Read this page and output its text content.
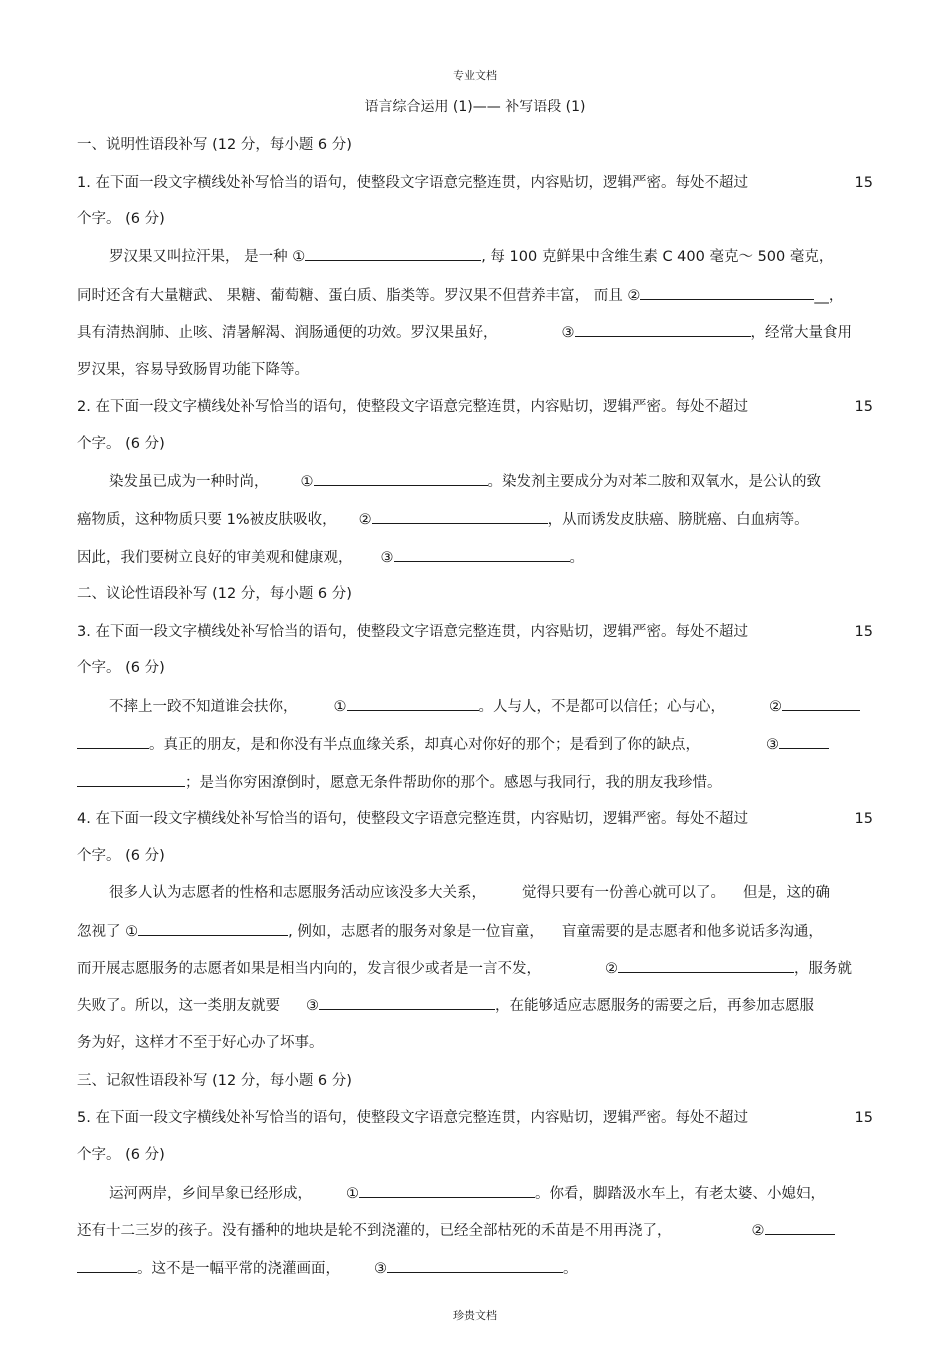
专业文档
语言综合运用 (1)—— 补写语段 (1)
一、说明性语段补写 (12 分，每小题 6 分)
1. 在下面一段文字横线处补写恰当的语句，使整段文字语意完整连贯，内容贴切，逻辑严密。每处不超过	15
个字。 (6 分)
罗汉果又叫拉汗果， 是一种 ①	, 每 100 克鲜果中含维生素 C 400 毫克～ 500 毫克，
同时还含有大量糖武、 果糖、葡萄糖、蛋白质、脂类等。罗汉果不但营养丰富， 而且 ②	__，
具有清热润肺、止咳、清暑解渴、润肠通便的功效。罗汉果虽好，	③	，经常大量食用
罗汉果，容易导致肠胃功能下降等。
2. 在下面一段文字横线处补写恰当的语句，使整段文字语意完整连贯，内容贴切，逻辑严密。每处不超过	15
个字。 (6 分)
染发虽已成为一种时尚， ①	。染发剂主要成分为对苯二胺和双氧水，是公认的致
癌物质，这种物质只要 1%被皮肤吸收， ②	，从而诱发皮肤癌、膀胱癌、白血病等。
因此，我们要树立良好的审美观和健康观， ③	。
二、议论性语段补写 (12 分，每小题 6 分)
3. 在下面一段文字横线处补写恰当的语句，使整段文字语意完整连贯，内容贴切，逻辑严密。每处不超过	15
个字。 (6 分)
不摔上一跤不知道谁会扶你， ①	。人与人，不是都可以信任；心与心，	②
。真正的朋友，是和你没有半点血缘关系，却真心对你好的那个；是看到了你的缺点，	③
；是当你穷困潦倒时，愿意无条件帮助你的那个。感恩与我同行，我的朋友我珍惜。
4. 在下面一段文字横线处补写恰当的语句，使整段文字语意完整连贯，内容贴切，逻辑严密。每处不超过	15
个字。 (6 分)
很多人认为志愿者的性格和志愿服务活动应该没多大关系， 觉得只要有一份善心就可以了。 但是，这的确
忽视了 ①	, 例如，志愿者的服务对象是一位盲童， 盲童需要的是志愿者和他多说话多沟通，
而开展志愿服务的志愿者如果是相当内向的，发言很少或者是一言不发，	②	，服务就
失败了。所以，这一类朋友就要 ③	，在能够适应志愿服务的需要之后，再参加志愿服
务为好，这样才不至于好心办了坏事。
三、记叙性语段补写 (12 分，每小题 6 分)
5. 在下面一段文字横线处补写恰当的语句，使整段文字语意完整连贯，内容贴切，逻辑严密。每处不超过	15
个字。 (6 分)
运河两岸，乡间旱象已经形成， ①	。你看，脚踏汲水车上，有老太婆、小媳妇，
还有十二三岁的孩子。没有播种的地块是轮不到浇灌的，已经全部枯死的禾苗是不用再浇了，	②
。这不是一幅平常的浇灌画面， ③	。
珍贵文档
